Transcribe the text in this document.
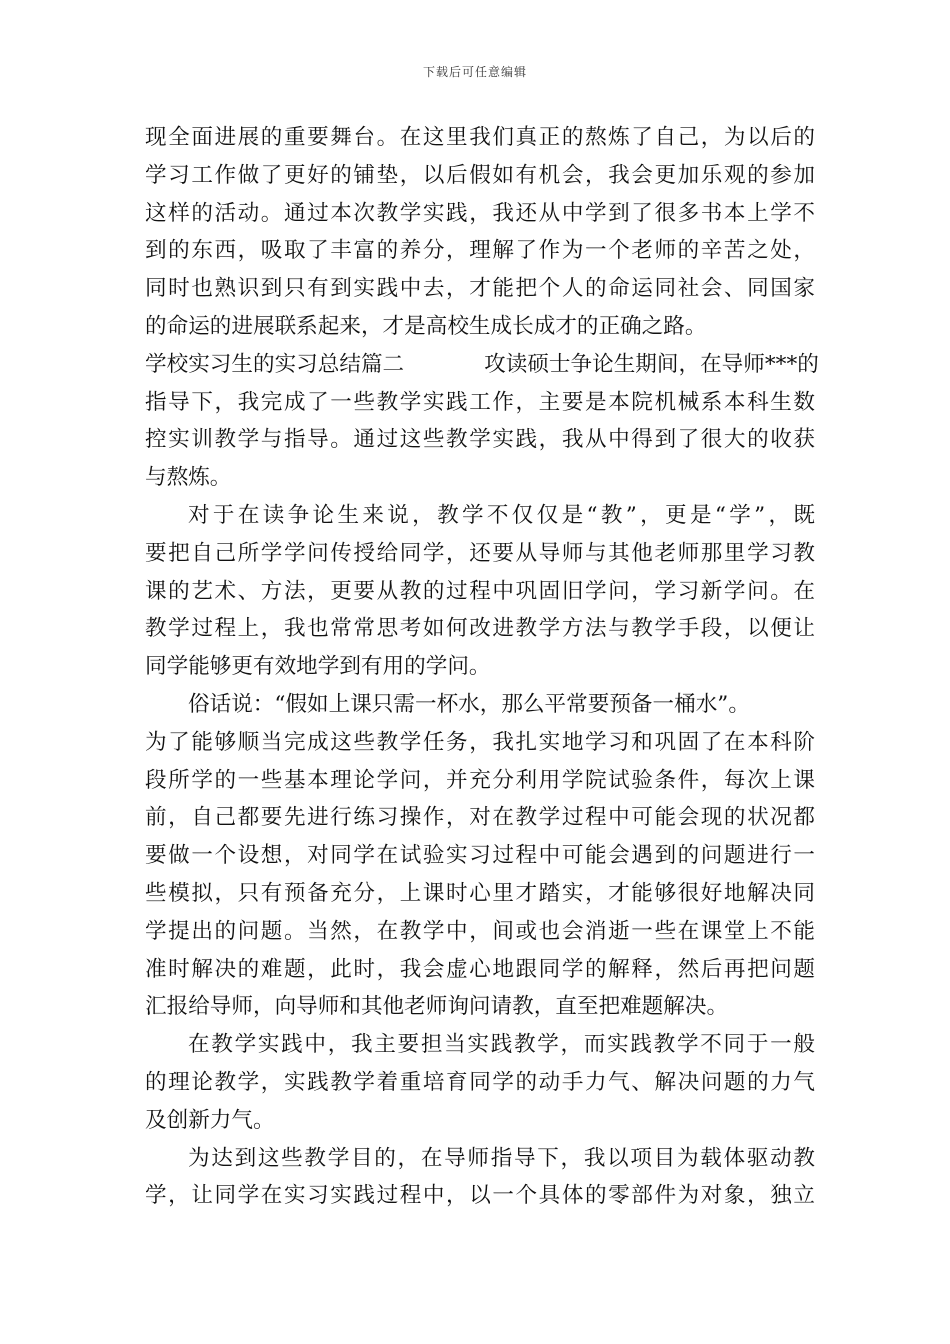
下载后可任意编辑
现全面进展的重要舞台。在这里我们真正的熬炼了自己，为以后的
学习工作做了更好的铺垫，以后假如有机会，我会更加乐观的参加
这样的活动。通过本次教学实践，我还从中学到了很多书本上学不
到的东西，吸取了丰富的养分，理解了作为一个老师的辛苦之处，
同时也熟识到只有到实践中去，才能把个人的命运同社会、同国家
的命运的进展联系起来，才是高校生成长成才的正确之路。
学校实习生的实习总结篇二	攻读硕士争论生期间，在导师***的
指导下，我完成了一些教学实践工作，主要是本院机械系本科生数
控实训教学与指导。通过这些教学实践，我从中得到了很大的收获
与熬炼。
对于在读争论生来说，教学不仅仅是“教”，更是“学”，既
要把自己所学学问传授给同学，还要从导师与其他老师那里学习教
课的艺术、方法，更要从教的过程中巩固旧学问，学习新学问。在
教学过程上，我也常常思考如何改进教学方法与教学手段，以便让
同学能够更有效地学到有用的学问。
俗话说：“假如上课只需一杯水，那么平常要预备一桶水”。
为了能够顺当完成这些教学任务，我扎实地学习和巩固了在本科阶
段所学的一些基本理论学问，并充分利用学院试验条件，每次上课
前，自己都要先进行练习操作，对在教学过程中可能会现的状况都
要做一个设想，对同学在试验实习过程中可能会遇到的问题进行一
些模拟，只有预备充分，上课时心里才踏实，才能够很好地解决同
学提出的问题。当然，在教学中，间或也会消逝一些在课堂上不能
准时解决的难题，此时，我会虚心地跟同学的解释，然后再把问题
汇报给导师，向导师和其他老师询问请教，直至把难题解决。
在教学实践中，我主要担当实践教学，而实践教学不同于一般
的理论教学，实践教学着重培育同学的动手力气、解决问题的力气
及创新力气。
为达到这些教学目的，在导师指导下，我以项目为载体驱动教
学，让同学在实习实践过程中，以一个具体的零部件为对象，独立
